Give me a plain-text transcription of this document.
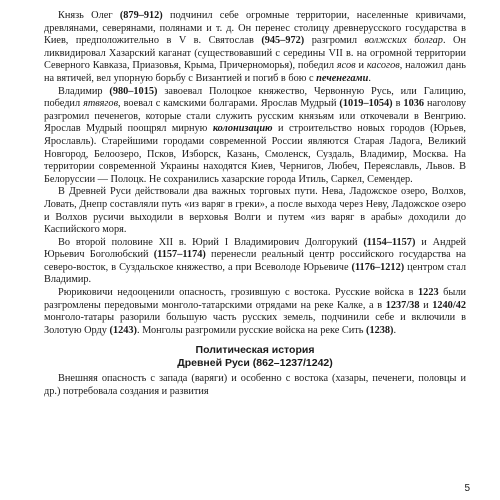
Князь Олег (879–912) подчинил себе огромные территории, населенные кривичами, древлянами, северянами, полянами и т. д. Он перенес столицу древнерусского государства в Киев, предположительно в V в. Святослав (945–972) разгромил волжских болгар. Он ликвидировал Хазарский каганат (существовавший с середины VII в. на огромной территории Северного Кавказа, Приазовья, Крыма, Причерноморья), победил ясов и касогов, наложил дань на вятичей, вел упорную борьбу с Византией и погиб в бою с печенегами.

Владимир (980–1015) завоевал Полоцкое княжество, Червонную Русь, или Галицию, победил ятвягов, воевал с камскими болгарами. Ярослав Мудрый (1019–1054) в 1036 наголову разгромил печенегов, которые стали служить русским князьям или откочевали в Венгрию. Ярослав Мудрый поощрял мирную колонизацию и строительство новых городов (Юрьев, Ярославль). Старейшими городами современной России являются Старая Ладога, Великий Новгород, Белоозеро, Псков, Изборск, Казань, Смоленск, Суздаль, Владимир, Москва. На территории современной Украины находятся Киев, Чернигов, Любеч, Переяславль, Львов. В Белоруссии — Полоцк. Не сохранились хазарские города Итиль, Саркел, Семендер.

В Древней Руси действовали два важных торговых пути. Нева, Ладожское озеро, Волхов, Ловать, Днепр составляли путь «из варяг в греки», а после выхода через Неву, Ладожское озеро и Волхов русичи выходили в верховья Волги и путем «из варяг в арабы» доходили до Каспийского моря.

Во второй половине XII в. Юрий I Владимирович Долгорукий (1154–1157) и Андрей Юрьевич Боголюбский (1157–1174) перенесли реальный центр российского государства на северо-восток, в Суздальское княжество, а при Всеволоде Юрьевиче (1176–1212) центром стал Владимир.

Рюриковичи недооценили опасность, грозившую с востока. Русские войска в 1223 были разгромлены передовыми монголо-татарскими отрядами на реке Калке, а в 1237/38 и 1240/42 монголо-татары разорили большую часть русских земель, подчинили себе и включили в Золотую Орду (1243). Монголы разгромили русские войска на реке Сить (1238).

Политическая история
Древней Руси (862–1237/1242)

Внешняя опасность с запада (варяги) и особенно с востока (хазары, печенеги, половцы и др.) потребовала создания и развития

5
